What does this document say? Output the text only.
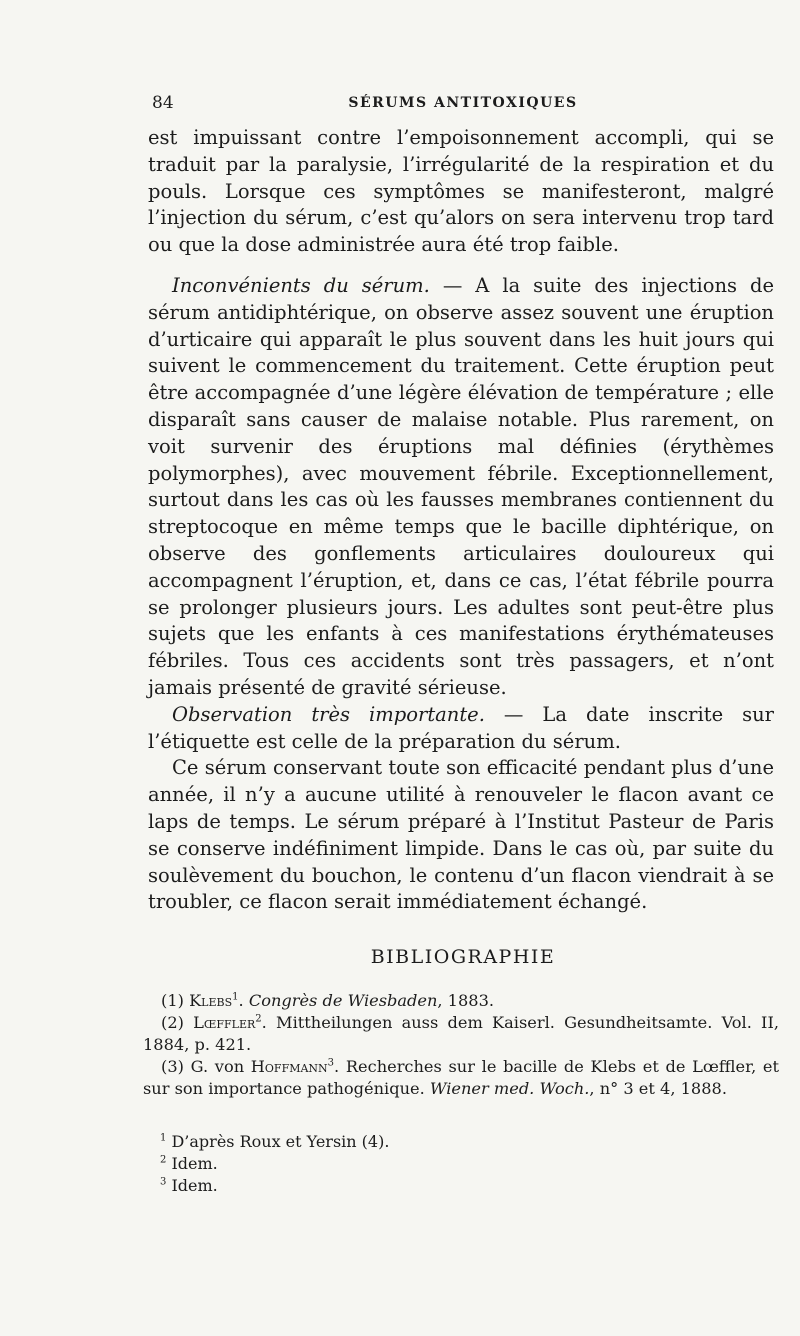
84	SÉRUMS ANTITOXIQUES

est impuissant contre l’empoisonnement accompli, qui se traduit par la paralysie, l’irrégularité de la respiration et du pouls. Lorsque ces symptômes se manifesteront, malgré l’injection du sérum, c’est qu’alors on sera intervenu trop tard ou que la dose administrée aura été trop faible.

Inconvénients du sérum. — A la suite des injections de sérum antidiphtérique, on observe assez souvent une éruption d’urticaire qui apparaît le plus souvent dans les huit jours qui suivent le commencement du traitement. Cette éruption peut être accompagnée d’une légère élévation de température ; elle disparaît sans causer de malaise notable. Plus rarement, on voit survenir des éruptions mal définies (érythèmes polymorphes), avec mouvement fébrile. Exceptionnellement, surtout dans les cas où les fausses membranes contiennent du streptocoque en même temps que le bacille diphtérique, on observe des gonflements articulaires douloureux qui accompagnent l’éruption, et, dans ce cas, l’état fébrile pourra se prolonger plusieurs jours. Les adultes sont peut-être plus sujets que les enfants à ces manifestations érythémateuses fébriles. Tous ces accidents sont très passagers, et n’ont jamais présenté de gravité sérieuse.

Observation très importante. — La date inscrite sur l’étiquette est celle de la préparation du sérum.

Ce sérum conservant toute son efficacité pendant plus d’une année, il n’y a aucune utilité à renouveler le flacon avant ce laps de temps. Le sérum préparé à l’Institut Pasteur de Paris se conserve indéfiniment limpide. Dans le cas où, par suite du soulèvement du bouchon, le contenu d’un flacon viendrait à se troubler, ce flacon serait immédiatement échangé.

BIBLIOGRAPHIE

(1) Klebs$^1$. Congrès de Wiesbaden, 1883.

(2) Lœffler$^2$. Mittheilungen auss dem Kaiserl. Gesundheitsamte. Vol. II, 1884, p. 421.

(3) G. von Hoffmann$^3$. Recherches sur le bacille de Klebs et de Lœffler, et sur son importance pathogénique. Wiener med. Woch., n° 3 et 4, 1888.

$^1$ D’après Roux et Yersin (4).

$^2$ Idem.

$^3$ Idem.
